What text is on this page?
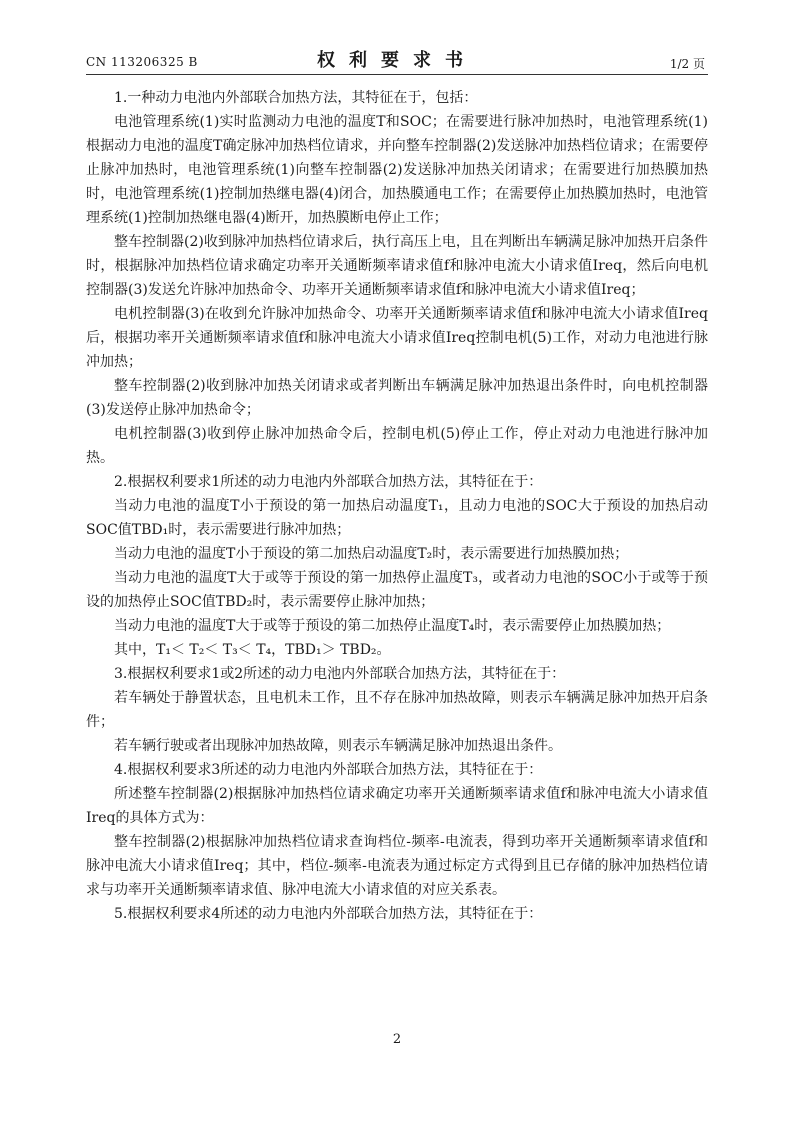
CN 113206325 B	权利要求书	1/2 页

1.一种动力电池内外部联合加热方法，其特征在于，包括：

电池管理系统(1)实时监测动力电池的温度T和SOC；在需要进行脉冲加热时，电池管理系统(1)根据动力电池的温度T确定脉冲加热档位请求，并向整车控制器(2)发送脉冲加热档位请求；在需要停止脉冲加热时，电池管理系统(1)向整车控制器(2)发送脉冲加热关闭请求；在需要进行加热膜加热时，电池管理系统(1)控制加热继电器(4)闭合，加热膜通电工作；在需要停止加热膜加热时，电池管理系统(1)控制加热继电器(4)断开，加热膜断电停止工作；

整车控制器(2)收到脉冲加热档位请求后，执行高压上电，且在判断出车辆满足脉冲加热开启条件时，根据脉冲加热档位请求确定功率开关通断频率请求值f和脉冲电流大小请求值Ireq，然后向电机控制器(3)发送允许脉冲加热命令、功率开关通断频率请求值f和脉冲电流大小请求值Ireq；

电机控制器(3)在收到允许脉冲加热命令、功率开关通断频率请求值f和脉冲电流大小请求值Ireq后，根据功率开关通断频率请求值f和脉冲电流大小请求值Ireq控制电机(5)工作，对动力电池进行脉冲加热；

整车控制器(2)收到脉冲加热关闭请求或者判断出车辆满足脉冲加热退出条件时，向电机控制器(3)发送停止脉冲加热命令；

电机控制器(3)收到停止脉冲加热命令后，控制电机(5)停止工作，停止对动力电池进行脉冲加热。

2.根据权利要求1所述的动力电池内外部联合加热方法，其特征在于：

当动力电池的温度T小于预设的第一加热启动温度T₁，且动力电池的SOC大于预设的加热启动SOC值TBD₁时，表示需要进行脉冲加热；

当动力电池的温度T小于预设的第二加热启动温度T₂时，表示需要进行加热膜加热；

当动力电池的温度T大于或等于预设的第一加热停止温度T₃，或者动力电池的SOC小于或等于预设的加热停止SOC值TBD₂时，表示需要停止脉冲加热；

当动力电池的温度T大于或等于预设的第二加热停止温度T₄时，表示需要停止加热膜加热；

其中，T₁＜ T₂＜ T₃＜ T₄，TBD₁＞ TBD₂。

3.根据权利要求1或2所述的动力电池内外部联合加热方法，其特征在于：

若车辆处于静置状态，且电机未工作，且不存在脉冲加热故障，则表示车辆满足脉冲加热开启条件；

若车辆行驶或者出现脉冲加热故障，则表示车辆满足脉冲加热退出条件。

4.根据权利要求3所述的动力电池内外部联合加热方法，其特征在于：

所述整车控制器(2)根据脉冲加热档位请求确定功率开关通断频率请求值f和脉冲电流大小请求值Ireq的具体方式为：

整车控制器(2)根据脉冲加热档位请求查询档位-频率-电流表，得到功率开关通断频率请求值f和脉冲电流大小请求值Ireq；其中，档位-频率-电流表为通过标定方式得到且已存储的脉冲加热档位请求与功率开关通断频率请求值、脉冲电流大小请求值的对应关系表。

5.根据权利要求4所述的动力电池内外部联合加热方法，其特征在于：

2
